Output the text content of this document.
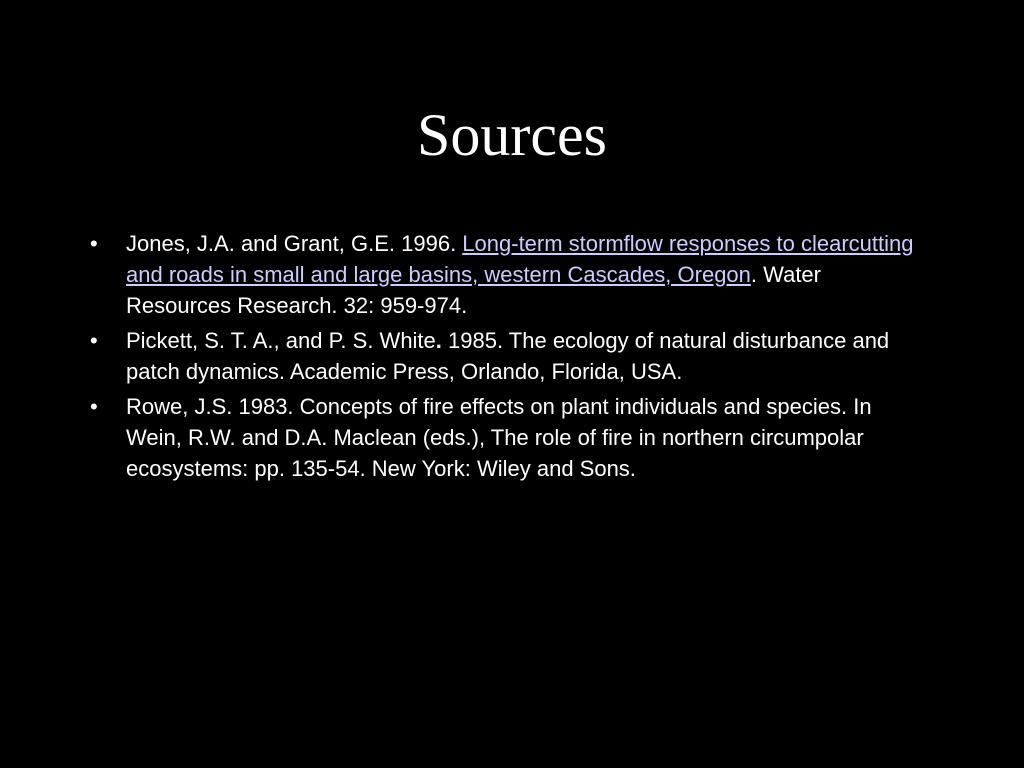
Sources
•	Jones, J.A. and Grant, G.E. 1996. Long-term stormflow responses to clearcutting and roads in small and large basins, western Cascades, Oregon. Water Resources Research. 32: 959-974.
•	Pickett, S. T. A., and P. S. White. 1985. The ecology of natural disturbance and patch dynamics. Academic Press, Orlando, Florida, USA.
•	Rowe, J.S. 1983. Concepts of fire effects on plant individuals and species. In Wein, R.W. and D.A. Maclean (eds.), The role of fire in northern circumpolar ecosystems: pp. 135-54. New York: Wiley and Sons.
